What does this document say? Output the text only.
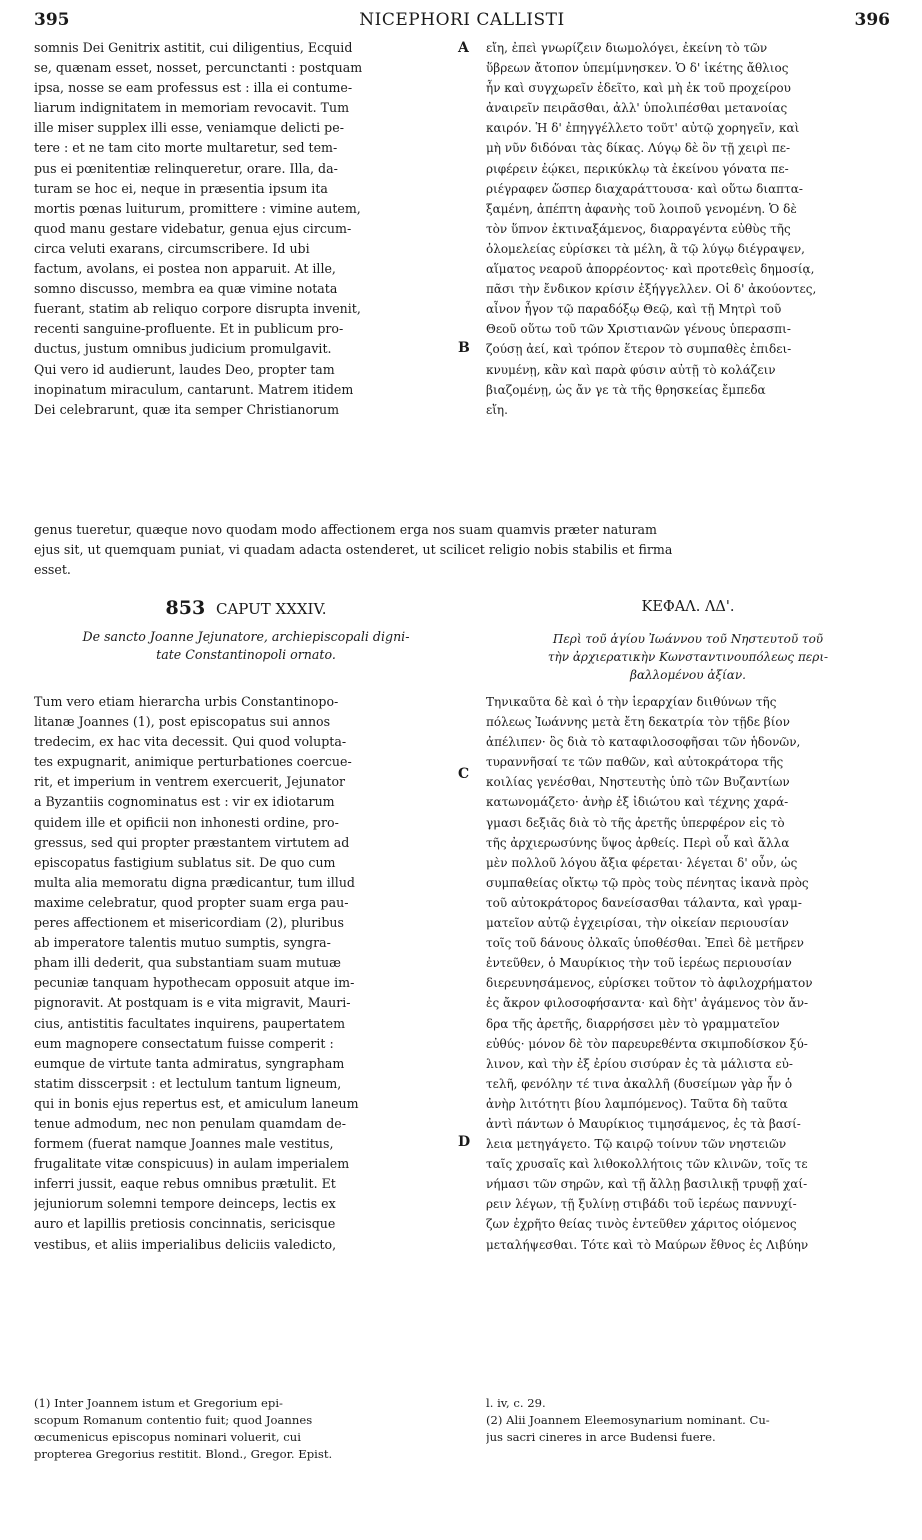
395	NICEPHORI CALLISTI	396
somnis Dei Genitrix astitit, cui diligentius, Ecquid
se, quænam esset, nosset, percunctanti : postquam
ipsa, nosse se eam professus est : illa ei contume-
liarum indignitatem in memoriam revocavit. Tum
ille miser supplex illi esse, veniamque delicti pe-
tere : et ne tam cito morte multaretur, sed tem-
pus ei pœnitentiæ relinqueretur, orare. Illa, da-
turam se hoc ei, neque in præsentia ipsum ita
mortis pœnas luiturum, promittere : vimine autem,
quod manu gestare videbatur, genua ejus circum-
circa veluti exarans, circumscribere. Id ubi
factum, avolans, ei postea non apparuit. At ille,
somno discusso, membra ea quæ vimine notata
fuerant, statim ab reliquo corpore disrupta invenit,
recenti sanguine-profluente. Et in publicum pro-
ductus, justum omnibus judicium promulgavit.
Qui vero id audierunt, laudes Deo, propter tam
inopinatum miraculum, cantarunt. Matrem itidem
Dei celebrarunt, quæ ita semper Christianorum
εἴη, ἐπεὶ γνωρίζειν διωμολόγει, ἐκείνη τὸ τῶν
ὕβρεων ἄτοπον ὑπεμίμνησκεν. Ὁ δ' ἱκέτης ἄθλιος
ἦν καὶ συγχωρεῖν ἐδεῖτο, καὶ μὴ ἐκ τοῦ προχείρου
ἀναιρεῖν πειρᾶσθαι, ἀλλ' ὑπολιπέσθαι μετανοίας
καιρόν. Ἡ δ' ἐπηγγέλλετο τοῦτ' αὐτῷ χορηγεῖν, καὶ
μὴ νῦν διδόναι τὰς δίκας. Λύγῳ δὲ ὃν τῇ χειρὶ πε-
ριφέρειν ἐῴκει, περικύκλῳ τὰ ἐκείνου γόνατα πε-
ριέγραφεν ὥσπερ διαχαράττουσα· καὶ οὕτω διαπτα-
ξαμένη, ἀπέπτη ἀφανὴς τοῦ λοιποῦ γενομένη. Ὁ δὲ
τὸν ὕπνον ἐκτιναξάμενος, διαρραγέντα εὐθὺς τῆς
ὁλομελείας εὑρίσκει τὰ μέλη, ἃ τῷ λύγῳ διέγραψεν,
αἵματος νεαροῦ ἀπορρέοντος· καὶ προτεθεὶς δημοσίᾳ,
πᾶσι τὴν ἔνδικον κρίσιν ἐξήγγελλεν. Οἱ δ' ἀκούοντες,
αἶνον ἦγον τῷ παραδόξῳ Θεῷ, καὶ τῇ Μητρὶ τοῦ
Θεοῦ οὕτω τοῦ τῶν Χριστιανῶν γένους ὑπερασπι-
ζούσῃ ἀεί, καὶ τρόπον ἕτερον τὸ συμπαθὲς ἐπιδει-
κνυμένῃ, κἂν καὶ παρὰ φύσιν αὐτῇ τὸ κολάζειν
βιαζομένῃ, ὡς ἄν γε τὰ τῆς θρησκείας ἔμπεδα
εἴη.
A
B
C
D
genus tueretur, quæque novo quodam modo affectionem erga nos suam quamvis præter naturam
ejus sit, ut quemquam puniat, vi quadam adacta ostenderet, ut scilicet religio nobis stabilis et firma
esset.
853 CAPUT XXXIV.	ΚΕΦΑΛ. ΛΔ'.
De sancto Joanne Jejunatore, archiepiscopali digni-
tate Constantinopoli ornato.
Περὶ τοῦ ἁγίου Ἰωάννου τοῦ Νηστευτοῦ τοῦ
τὴν ἀρχιερατικὴν Κωνσταντινουπόλεως περι-
βαλλομένου ἀξίαν.
Tum vero etiam hierarcha urbis Constantinopo-
litanæ Joannes (1), post episcopatus sui annos
tredecim, ex hac vita decessit. Qui quod volupta-
tes expugnarit, animique perturbationes coercue-
rit, et imperium in ventrem exercuerit, Jejunator
a Byzantiis cognominatus est : vir ex idiotarum
quidem ille et opificii non inhonesti ordine, pro-
gressus, sed qui propter præstantem virtutem ad
episcopatus fastigium sublatus sit. De quo cum
multa alia memoratu digna prædicantur, tum illud
maxime celebratur, quod propter suam erga pau-
peres affectionem et misericordiam (2), pluribus
ab imperatore talentis mutuo sumptis, syngra-
pham illi dederit, qua substantiam suam mutuæ
pecuniæ tanquam hypothecam opposuit atque im-
pignoravit. At postquam is e vita migravit, Mauri-
cius, antistitis facultates inquirens, paupertatem
eum magnopere consectatum fuisse comperit :
eumque de virtute tanta admiratus, syngrapham
statim disscerpsit : et lectulum tantum ligneum,
qui in bonis ejus repertus est, et amiculum laneum
tenue admodum, nec non penulam quamdam de-
formem (fuerat namque Joannes male vestitus,
frugalitate vitæ conspicuus) in aulam imperialem
inferri jussit, eaque rebus omnibus prætulit. Et
jejuniorum solemni tempore deinceps, lectis ex
auro et lapillis pretiosis concinnatis, sericisque
vestibus, et aliis imperialibus deliciis valedicto,
Τηνικαῦτα δὲ καὶ ὁ τὴν ἱεραρχίαν διιθύνων τῆς
πόλεως Ἰωάννης μετὰ ἔτη δεκατρία τὸν τῇδε βίον
ἀπέλιπεν· ὃς διὰ τὸ καταφιλοσοφῆσαι τῶν ἡδονῶν,
τυραννῆσαί τε τῶν παθῶν, καὶ αὐτοκράτορα τῆς
κοιλίας γενέσθαι, Νηστευτὴς ὑπὸ τῶν Βυζαντίων
κατωνομάζετο· ἀνὴρ ἐξ ἰδιώτου καὶ τέχνης χαρά-
γμασι δεξιᾶς διὰ τὸ τῆς ἀρετῆς ὑπερφέρον εἰς τὸ
τῆς ἀρχιερωσύνης ὕψος ἀρθείς. Περὶ οὗ καὶ ἄλλα
μὲν πολλοῦ λόγου ἄξια φέρεται· λέγεται δ' οὖν, ὡς
συμπαθείας οἴκτῳ τῷ πρὸς τοὺς πένητας ἱκανὰ πρὸς
τοῦ αὐτοκράτορος δανείσασθαι τάλαντα, καὶ γραμ-
ματεῖον αὐτῷ ἐγχειρίσαι, τὴν οἰκείαν περιουσίαν
τοῖς τοῦ δάνους ὀλκαῖς ὑποθέσθαι. Ἐπεὶ δὲ μετῆρεν
ἐντεῦθεν, ὁ Μαυρίκιος τὴν τοῦ ἱερέως περιουσίαν
διερευνησάμενος, εὑρίσκει τοῦτον τὸ ἀφιλοχρήματον
ἐς ἄκρον φιλοσοφήσαντα· καὶ δὴτ' ἀγάμενος τὸν ἄν-
δρα τῆς ἀρετῆς, διαρρήσσει μὲν τὸ γραμματεῖον
εὐθύς· μόνον δὲ τὸν παρευρεθέντα σκιμποδίσκον ξύ-
λινον, καὶ τὴν ἐξ ἐρίου σισύραν ἐς τὰ μάλιστα εὐ-
τελῆ, φενόλην τέ τινα ἀκαλλῆ (δυσείμων γὰρ ἦν ὁ
ἀνὴρ λιτότητι βίου λαμπόμενος). Ταῦτα δὴ ταῦτα
ἀντὶ πάντων ὁ Μαυρίκιος τιμησάμενος, ἐς τὰ βασί-
λεια μετηγάγετο. Τῷ καιρῷ τοίνυν τῶν νηστειῶν
ταῖς χρυσαῖς καὶ λιθοκολλήτοις τῶν κλινῶν, τοῖς τε
νήμασι τῶν σηρῶν, καὶ τῇ ἄλλῃ βασιλικῇ τρυφῇ χαί-
ρειν λέγων, τῇ ξυλίνῃ στιβάδι τοῦ ἱερέως παννυχί-
ζων ἐχρῆτο θείας τινὸς ἐντεῦθεν χάριτος οἰόμενος
μεταλήψεσθαι. Τότε καὶ τὸ Μαύρων ἔθνος ἐς Λιβύην
(1) Inter Joannem istum et Gregorium epi-
scopum Romanum contentio fuit; quod Joannes
œcumenicus episcopus nominari voluerit, cui
propterea Gregorius restitit. Blond., Gregor. Epist.
l. iv, c. 29.
(2) Alii Joannem Eleemosynarium nominant. Cu-
jus sacri cineres in arce Budensi fuere.
